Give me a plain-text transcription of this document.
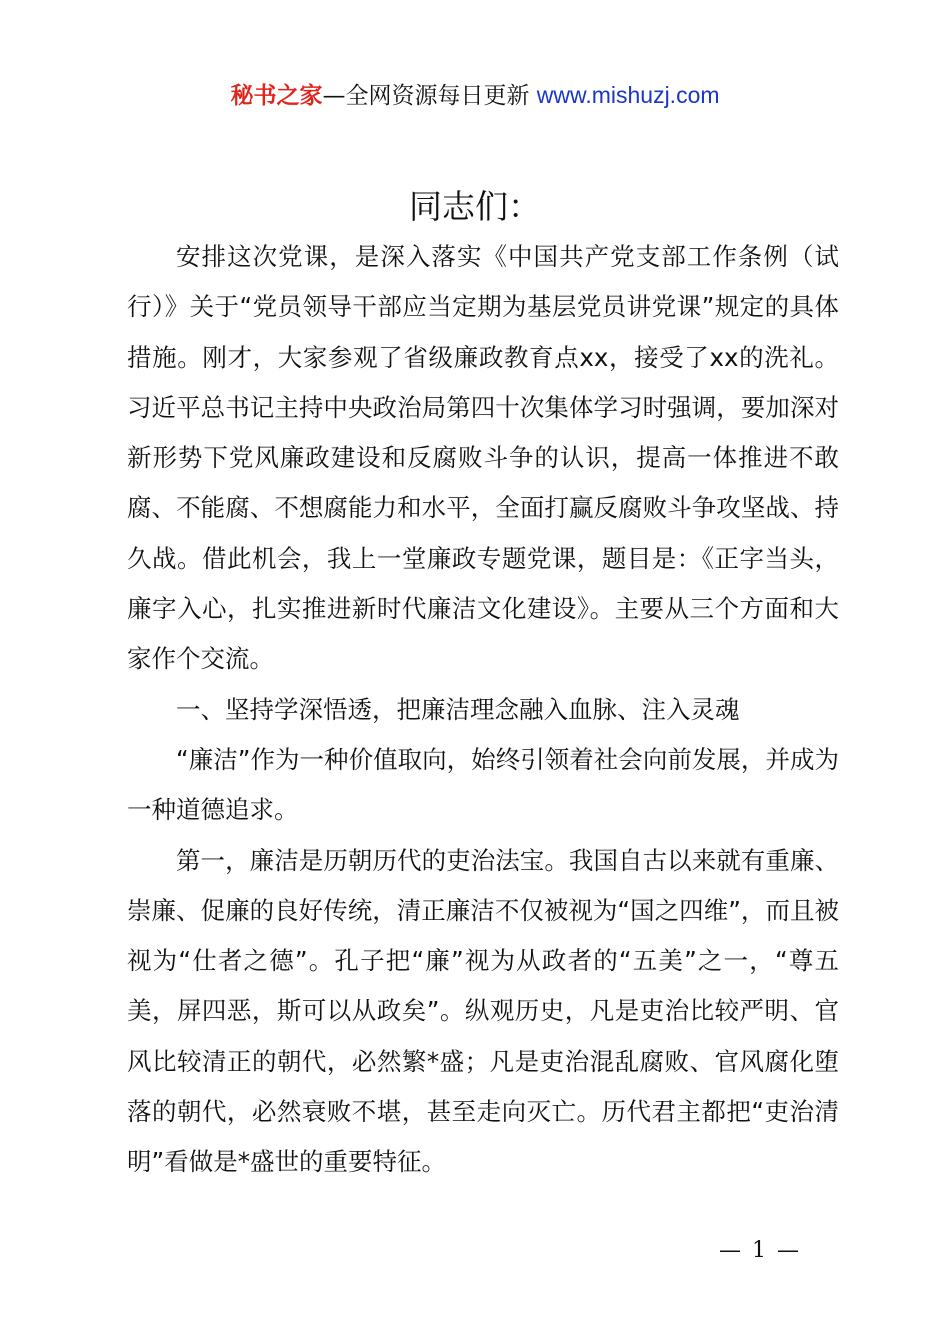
秘书之家—全网资源每日更新 www.mishuzj.com
同志们：

安排这次党课，是深入落实《中国共产党支部工作条例（试行）》关于“党员领导干部应当定期为基层党员讲党课”规定的具体措施。刚才，大家参观了省级廉政教育点xx，接受了xx的洗礼。习近平总书记主持中央政治局第四十次集体学习时强调，要加深对新形势下党风廉政建设和反腐败斗争的认识，提高一体推进不敢腐、不能腐、不想腐能力和水平，全面打赢反腐败斗争攻坚战、持久战。借此机会，我上一堂廉政专题党课，题目是：《正字当头，廉字入心，扎实推进新时代廉洁文化建设》。主要从三个方面和大家作个交流。

一、坚持学深悟透，把廉洁理念融入血脉、注入灵魂

“廉洁”作为一种价值取向，始终引领着社会向前发展，并成为一种道德追求。

第一，廉洁是历朝历代的吏治法宝。我国自古以来就有重廉、崇廉、促廉的良好传统，清正廉洁不仅被视为“国之四维”，而且被视为“仕者之德”。孔子把“廉”视为从政者的“五美”之一，“尊五美，屏四恶，斯可以从政矣”。纵观历史，凡是吏治比较严明、官风比较清正的朝代，必然繁*盛；凡是吏治混乱腐败、官风腐化堕落的朝代，必然衰败不堪，甚至走向灭亡。历代君主都把“吏治清明”看做是*盛世的重要特征。

— 1 —
